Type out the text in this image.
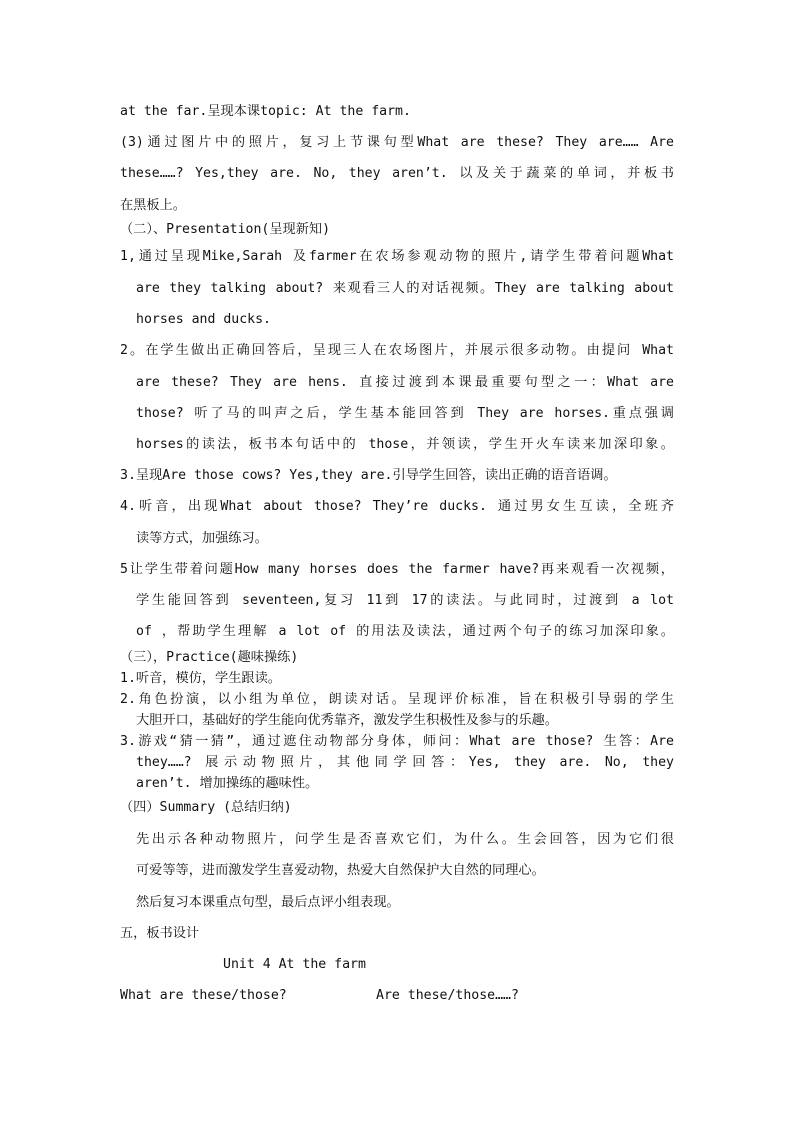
at the far.呈现本课topic: At the farm.
(3)通过图片中的照片，复习上节课句型What are these? They are…… Are
these……? Yes,they are. No, they aren’t. 以及关于蔬菜的单词，并板书
在黑板上。
（二）、Presentation(呈现新知)
1,通过呈现Mike,Sarah 及farmer在农场参观动物的照片,请学生带着问题What
are they talking about? 来观看三人的对话视频。They are talking about
horses and ducks.
2。在学生做出正确回答后，呈现三人在农场图片，并展示很多动物。由提问 What
are these? They are hens. 直接过渡到本课最重要句型之一：What are
those? 听了马的叫声之后，学生基本能回答到 They are horses.重点强调
horses的读法，板书本句话中的 those，并领读，学生开火车读来加深印象。
3.呈现Are those cows? Yes,they are.引导学生回答，读出正确的语音语调。
4.听音，出现What about those? They’re ducks. 通过男女生互读，全班齐
读等方式，加强练习。
5让学生带着问题How many horses does the farmer have?再来观看一次视频，
学生能回答到 seventeen,复习 11到 17的读法。与此同时，过渡到 a lot
of ，帮助学生理解 a lot of 的用法及读法，通过两个句子的练习加深印象。
（三），Practice(趣味操练)
1.听音，模仿，学生跟读。
2.角色扮演，以小组为单位，朗读对话。呈现评价标准，旨在积极引导弱的学生
大胆开口，基础好的学生能向优秀靠齐，激发学生积极性及参与的乐趣。
3.游戏“猜一猜”，通过遮住动物部分身体，师问：What are those? 生答：Are
they……? 展示动物照片，其他同学回答：Yes, they are. No, they
aren’t. 增加操练的趣味性。
（四）Summary (总结归纳)
先出示各种动物照片，问学生是否喜欢它们，为什么。生会回答，因为它们很
可爱等等，进而激发学生喜爱动物，热爱大自然保护大自然的同理心。
然后复习本课重点句型，最后点评小组表现。
五，板书设计
Unit 4 At the farm
What are these/those?	Are these/those……?
